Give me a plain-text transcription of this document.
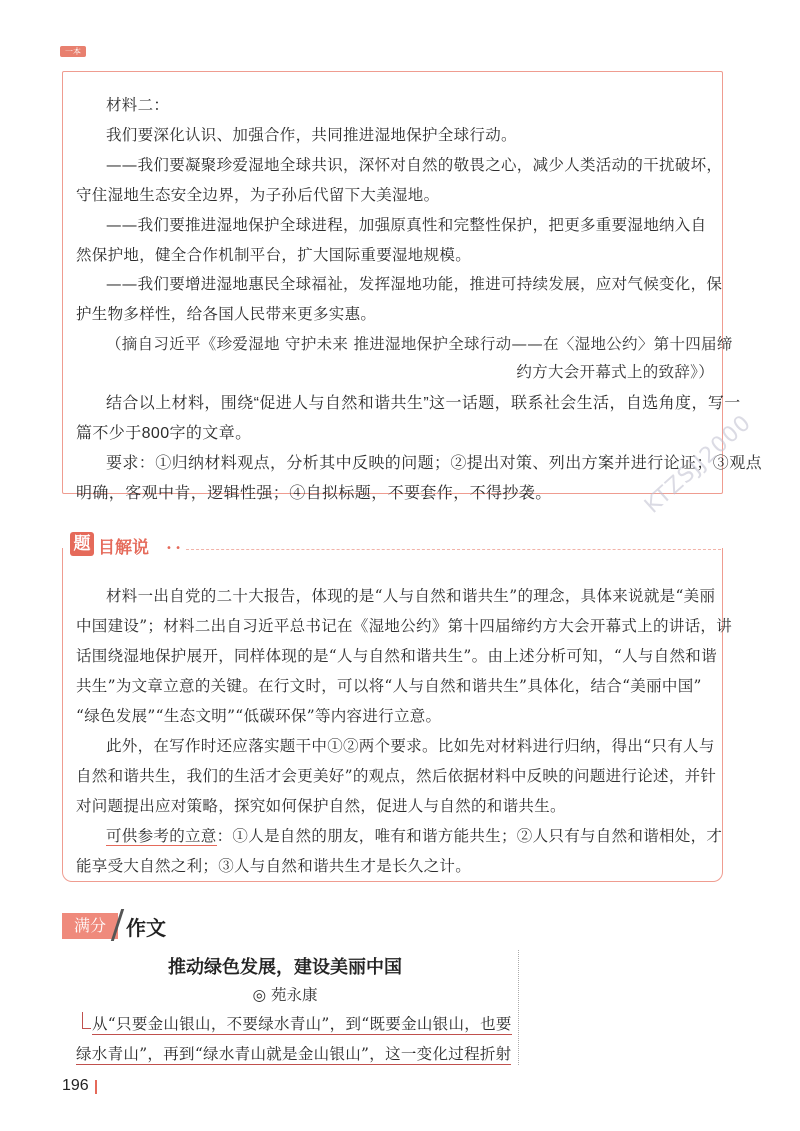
一本
材料二：
我们要深化认识、加强合作，共同推进湿地保护全球行动。
——我们要凝聚珍爱湿地全球共识，深怀对自然的敬畏之心，减少人类活动的干扰破坏，
守住湿地生态安全边界，为子孙后代留下大美湿地。
——我们要推进湿地保护全球进程，加强原真性和完整性保护，把更多重要湿地纳入自
然保护地，健全合作机制平台，扩大国际重要湿地规模。
——我们要增进湿地惠民全球福祉，发挥湿地功能，推进可持续发展，应对气候变化，保
护生物多样性，给各国人民带来更多实惠。
（摘自习近平《珍爱湿地 守护未来 推进湿地保护全球行动——在〈湿地公约〉第十四届缔
约方大会开幕式上的致辞》）
结合以上材料，围绕“促进人与自然和谐共生”这一话题，联系社会生活，自选角度，写一
篇不少于800字的文章。
要求：①归纳材料观点，分析其中反映的问题；②提出对策、列出方案并进行论证；③观点
明确，客观中肯，逻辑性强；④自拟标题，不要套作，不得抄袭。
• •
题 目解说
KTZSJJ2000
材料一出自党的二十大报告，体现的是“人与自然和谐共生”的理念，具体来说就是“美丽
中国建设”；材料二出自习近平总书记在《湿地公约》第十四届缔约方大会开幕式上的讲话，讲
话围绕湿地保护展开，同样体现的是“人与自然和谐共生”。由上述分析可知，“人与自然和谐
共生”为文章立意的关键。在行文时，可以将“人与自然和谐共生”具体化，结合“美丽中国”
“绿色发展”“生态文明”“低碳环保”等内容进行立意。
此外，在写作时还应落实题干中①②两个要求。比如先对材料进行归纳，得出“只有人与
自然和谐共生，我们的生活才会更美好”的观点，然后依据材料中反映的问题进行论述，并针
对问题提出应对策略，探究如何保护自然，促进人与自然的和谐共生。
可供参考的立意：①人是自然的朋友，唯有和谐方能共生；②人只有与自然和谐相处，才
能享受大自然之利；③人与自然和谐共生才是长久之计。
满分	作文
推动绿色发展，建设美丽中国
◎ 苑永康
从“只要金山银山，不要绿水青山”，到“既要金山银山，也要
绿水青山”，再到“绿水青山就是金山银山”，这一变化过程折射
196
